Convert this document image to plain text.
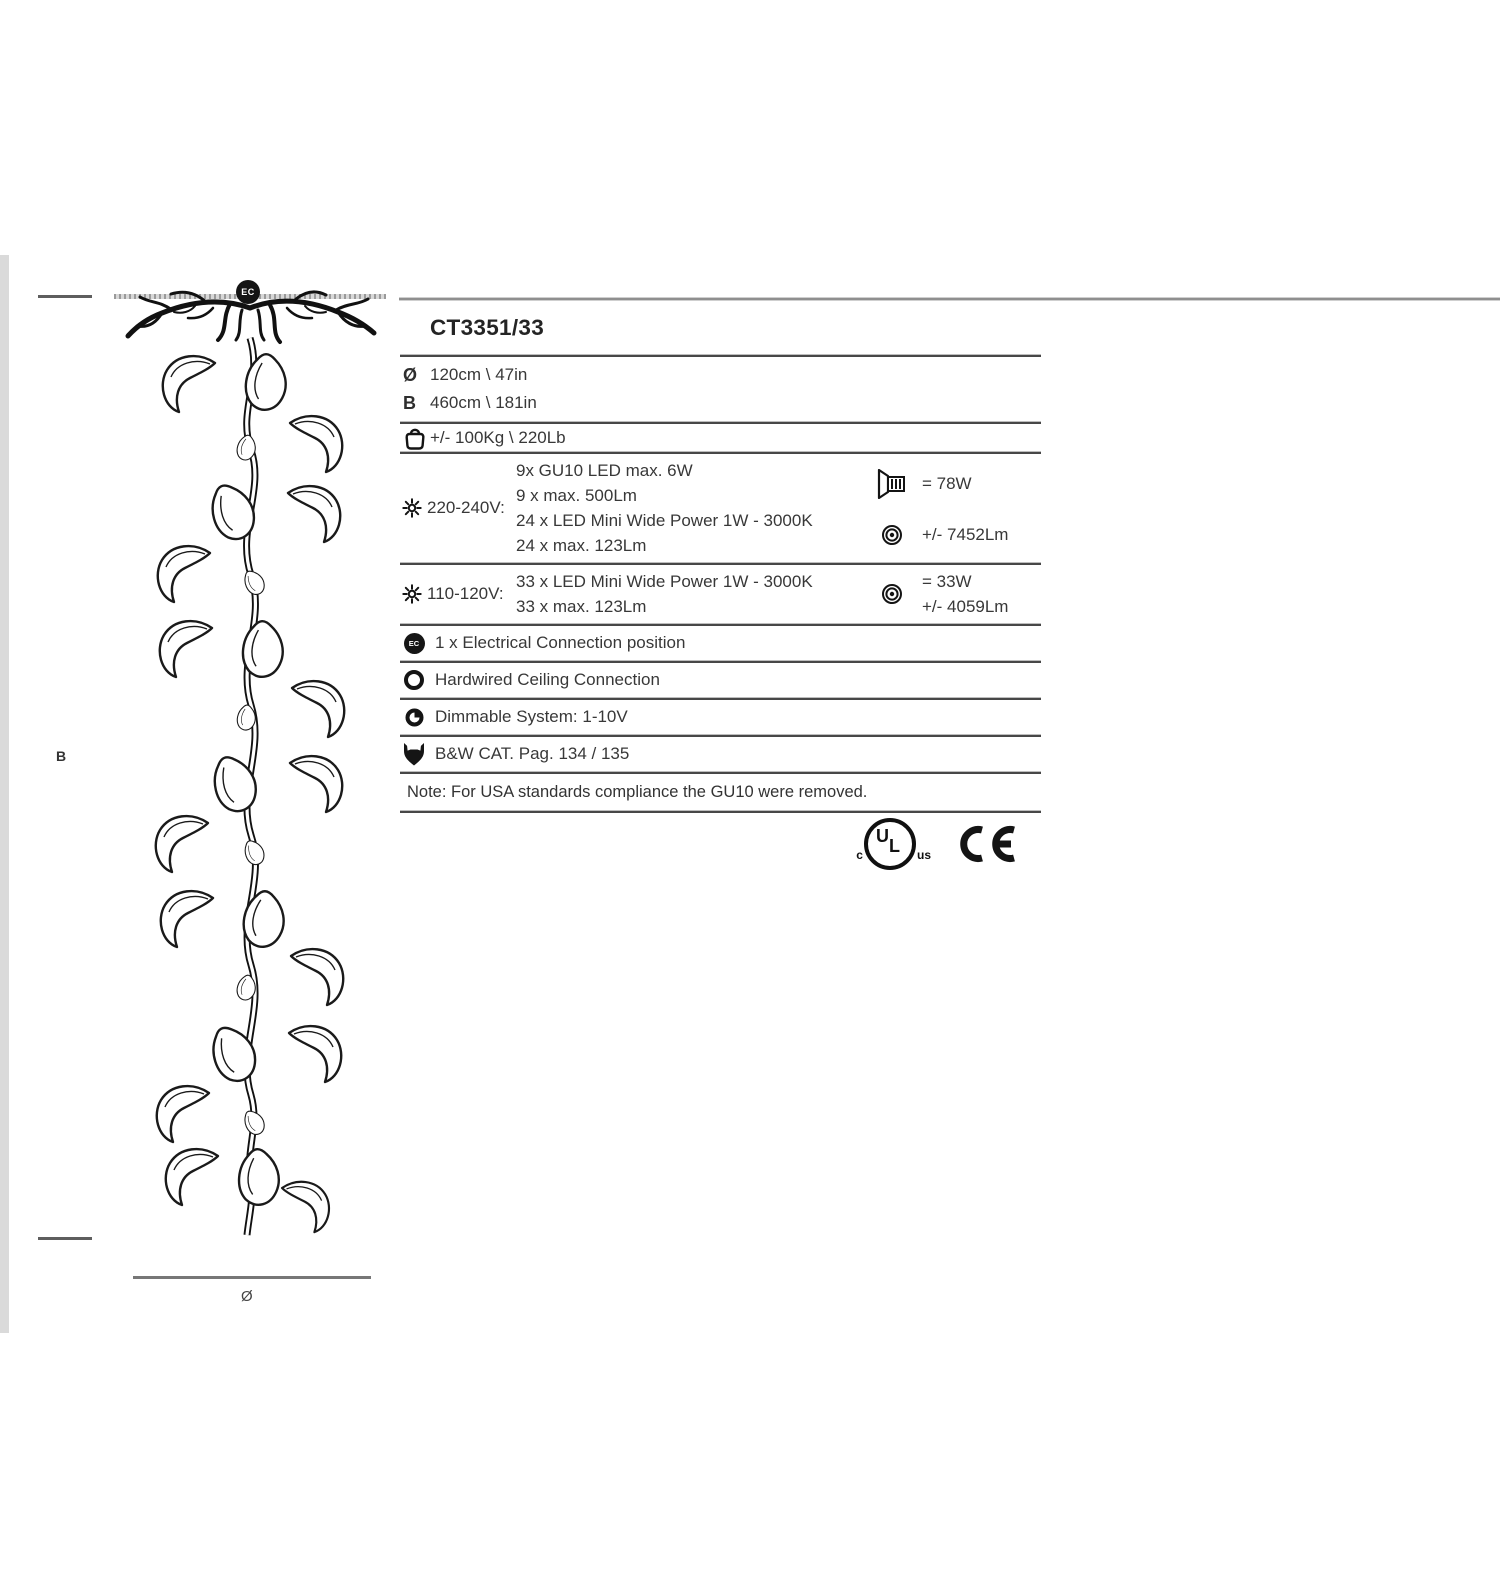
EC
B
Ø
CT3351/33
Ø 120cm \ 47in
B 460cm \ 181in
+/- 100Kg \ 220Lb
220-240V:
9x GU10 LED max. 6W
9 x max. 500Lm
24 x LED Mini Wide Power 1W - 3000K
24 x max. 123Lm
= 78W
+/- 7452Lm
110-120V:
33 x LED Mini Wide Power 1W - 3000K
33 x max. 123Lm
= 33W
+/- 4059Lm
EC 1 x Electrical Connection position
Hardwired Ceiling Connection
Dimmable System: 1-10V
B&W CAT. Pag. 134 / 135
Note: For USA standards compliance the GU10 were removed.
c
U L us
